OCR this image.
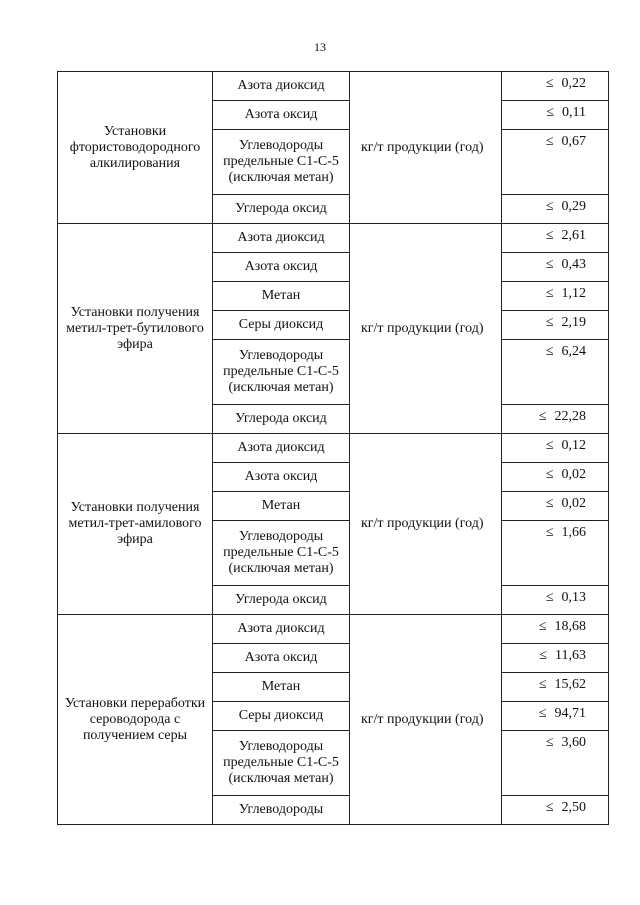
13
Установки фтористоводородного алкилирования	Азота диоксид	кг/т продукции (год)		≤ 0,22
	Азота оксид			≤ 0,11
	Углеводороды предельные С1-С-5 (исключая метан)			≤ 0,67
	Углерода оксид			≤ 0,29
Установки получения метил-трет-бутилового эфира	Азота диоксид	кг/т продукции (год)		≤ 2,61
	Азота оксид			≤ 0,43
	Метан			≤ 1,12
	Серы диоксид			≤ 2,19
	Углеводороды предельные С1-С-5 (исключая метан)			≤ 6,24
	Углерода оксид			≤ 22,28
Установки получения метил-трет-амилового эфира	Азота диоксид	кг/т продукции (год)		≤ 0,12
	Азота оксид			≤ 0,02
	Метан			≤ 0,02
	Углеводороды предельные С1-С-5 (исключая метан)			≤ 1,66
	Углерода оксид			≤ 0,13
Установки переработки сероводорода с получением серы	Азота диоксид	кг/т продукции (год)		≤ 18,68
	Азота оксид			≤ 11,63
	Метан			≤ 15,62
	Серы диоксид			≤ 94,71
	Углеводороды предельные С1-С-5 (исключая метан)			≤ 3,60
	Углеводороды			≤ 2,50
